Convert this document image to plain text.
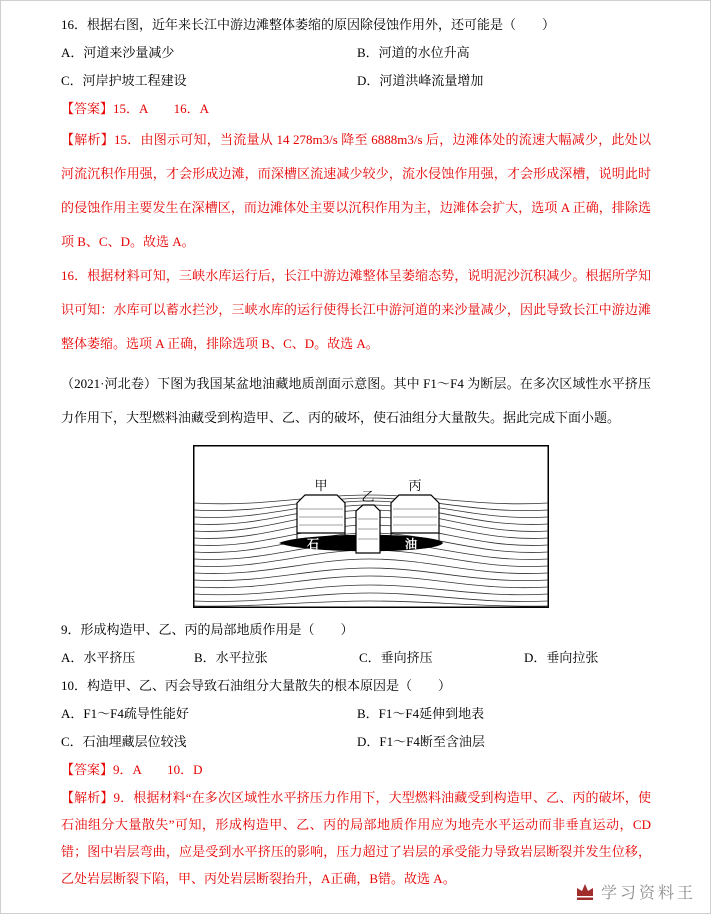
16．根据右图，近年来长江中游边滩整体萎缩的原因除侵蚀作用外，还可能是（　　）

A．河道来沙量减少	B．河道的水位升高
C．河岸护坡工程建设	D．河道洪峰流量增加

【答案】15．A　　16．A

【解析】15．由图示可知，当流量从 14 278m3/s 降至 6888m3/s 后，边滩体处的流速大幅减少，此处以河流沉积作用强，才会形成边滩，而深槽区流速减少较少，流水侵蚀作用强，才会形成深槽，说明此时的侵蚀作用主要发生在深槽区，而边滩体处主要以沉积作用为主，边滩体会扩大，选项 A 正确，排除选项 B、C、D。故选 A。

16．根据材料可知，三峡水库运行后，长江中游边滩整体呈萎缩态势，说明泥沙沉积减少。根据所学知识可知：水库可以蓄水拦沙，三峡水库的运行使得长江中游河道的来沙量减少，因此导致长江中游边滩整体萎缩。选项 A 正确，排除选项 B、C、D。故选 A。

（2021·河北卷）下图为我国某盆地油藏地质剖面示意图。其中 F1～F4 为断层。在多次区域性水平挤压力作用下，大型燃料油藏受到构造甲、乙、丙的破坏，使石油组分大量散失。据此完成下面小题。

甲
乙
丙
石	油

9．形成构造甲、乙、丙的局部地质作用是（　　）

A．水平挤压	B．水平拉张	C．垂向挤压	D．垂向拉张

10．构造甲、乙、丙会导致石油组分大量散失的根本原因是（　　）

A．F1～F4疏导性能好	B．F1～F4延伸到地表
C．石油埋藏层位较浅	D．F1～F4断至含油层

【答案】9．A　　10．D

【解析】9．根据材料“在多次区域性水平挤压力作用下，大型燃料油藏受到构造甲、乙、丙的破坏，使石油组分大量散失”可知，形成构造甲、乙、丙的局部地质作用应为地壳水平运动而非垂直运动，CD 错；图中岩层弯曲，应是受到水平挤压的影响，压力超过了岩层的承受能力导致岩层断裂并发生位移，乙处岩层断裂下陷，甲、丙处岩层断裂抬升，A正确，B错。故选 A。

学习资料王
